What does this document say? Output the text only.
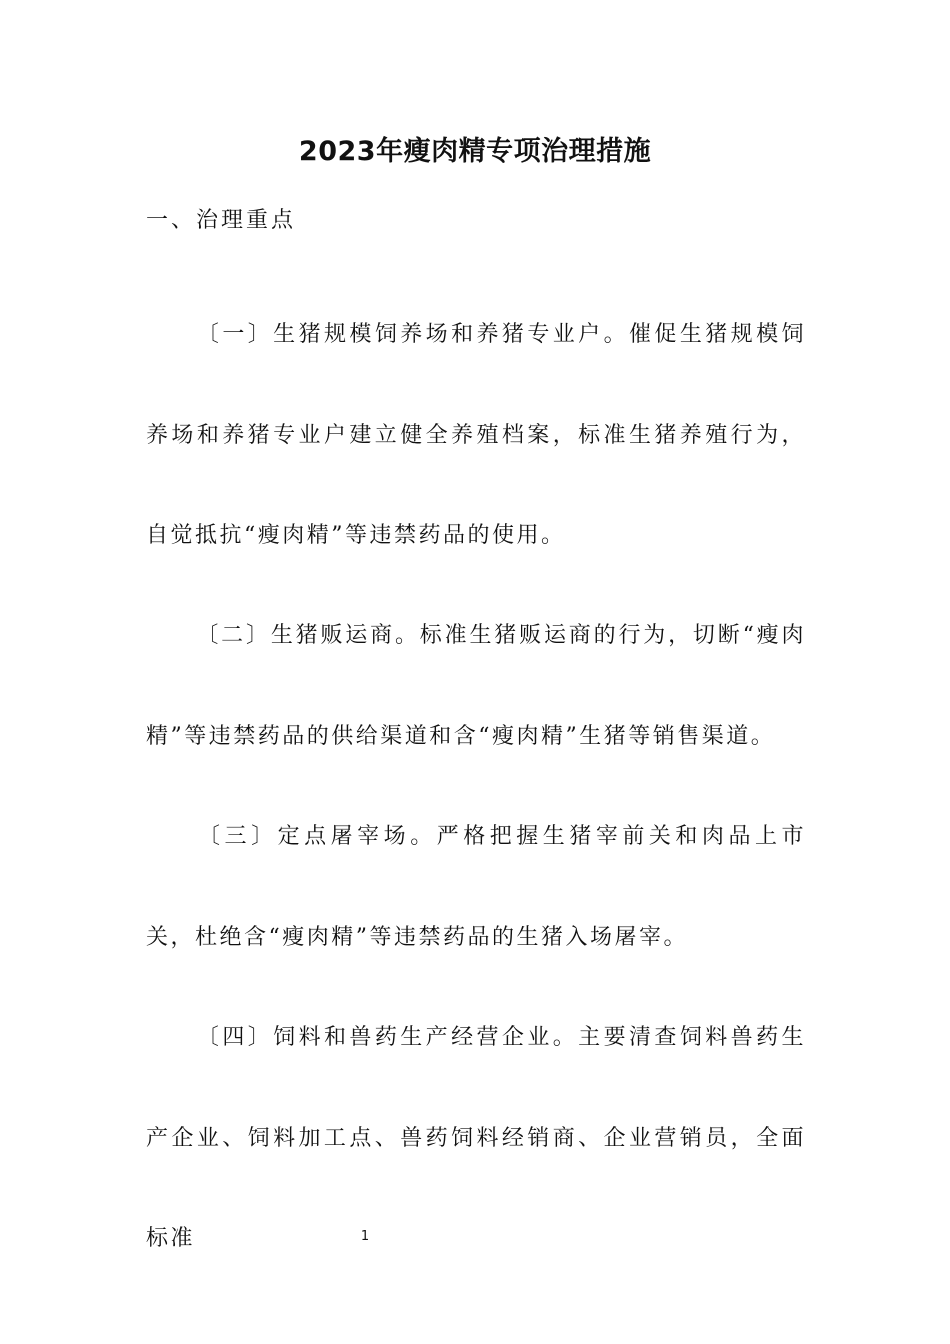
2023年瘦肉精专项治理措施
一、治理重点
〔一〕生猪规模饲养场和养猪专业户。催促生猪规模饲养场和养猪专业户建立健全养殖档案，标准生猪养殖行为，自觉抵抗“瘦肉精”等违禁药品的使用。
〔二〕生猪贩运商。标准生猪贩运商的行为，切断“瘦肉精”等违禁药品的供给渠道和含“瘦肉精”生猪等销售渠道。
〔三〕定点屠宰场。严格把握生猪宰前关和肉品上市关，杜绝含“瘦肉精”等违禁药品的生猪入场屠宰。
〔四〕饲料和兽药生产经营企业。主要清查饲料兽药生产企业、饲料加工点、兽药饲料经销商、企业营销员，全面标准	1
